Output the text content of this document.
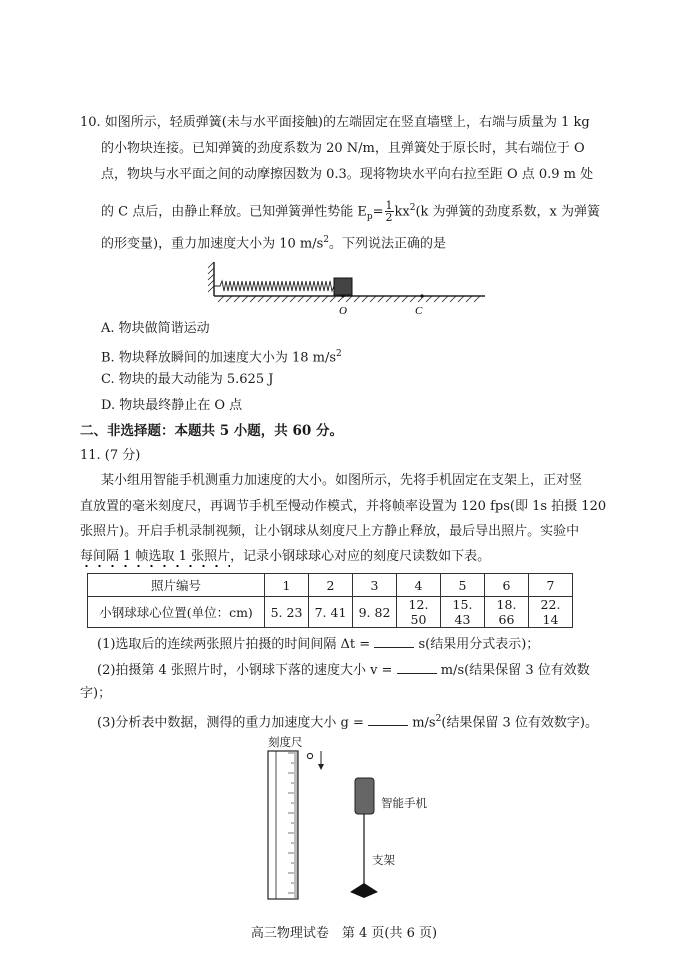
10. 如图所示，轻质弹簧(未与水平面接触)的左端固定在竖直墙壁上，右端与质量为 1 kg
的小物块连接。已知弹簧的劲度系数为 20 N/m，且弹簧处于原长时，其右端位于 O
点，物块与水平面之间的动摩擦因数为 0.3。现将物块水平向右拉至距 O 点 0.9 m 处
的 C 点后，由静止释放。已知弹簧弹性势能 $E_p= \frac{1}{2} kx^2(k$ 为弹簧的劲度系数，x 为弹簧
的形变量)，重力加速度大小为 10 $m/s^2$。下列说法正确的是
O	C
A. 物块做简谐运动
B. 物块释放瞬间的加速度大小为 18 $m/s^2$
C. 物块的最大动能为 5.625 J
D. 物块最终静止在 O 点
二、非选择题：本题共 5 小题，共 60 分。
11. (7 分)
某小组用智能手机测重力加速度的大小。如图所示，先将手机固定在支架上，正对竖
直放置的毫米刻度尺，再调节手机至慢动作模式，并将帧率设置为 120 fps(即 1s 拍摄 120
张照片)。开启手机录制视频，让小钢球从刻度尺上方静止释放，最后导出照片。实验中
每间隔 1 帧选取 1 张照片，记录小钢球球心对应的刻度尺读数如下表。
照片编号	1	2	3	4	5	6	7
小钢球球心位置(单位：cm)	5. 23	7. 41	9. 82	12. 50	15. 43	18. 66	22. 14
(1)选取后的连续两张照片拍摄的时间间隔 Δt =	s(结果用分式表示)；
(2)拍摄第 4 张照片时，小钢球下落的速度大小 v =	m/s(结果保留 3 位有效数
字)；
(3)分析表中数据，测得的重力加速度大小 g =	$m/s^2$(结果保留 3 位有效数字)。
刻度尺
智能手机
支架
高三物理试卷　第 4 页(共 6 页)
